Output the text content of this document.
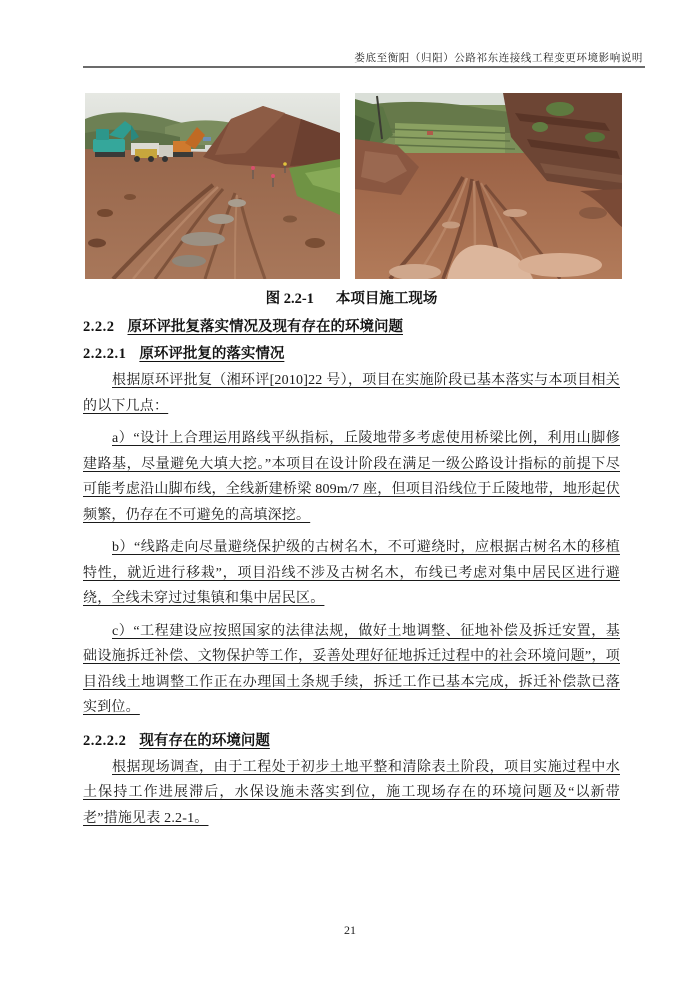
娄底至衡阳（归阳）公路祁东连接线工程变更环境影响说明
图 2.2-1 本项目施工现场
2.2.2 原环评批复落实情况及现有存在的环境问题
2.2.2.1 原环评批复的落实情况

根据原环评批复（湘环评[2010]22 号），项目在实施阶段已基本落实与本项目相关的以下几点：

a）“设计上合理运用路线平纵指标，丘陵地带多考虑使用桥梁比例，利用山脚修建路基，尽量避免大填大挖。”本项目在设计阶段在满足一级公路设计指标的前提下尽可能考虑沿山脚布线，全线新建桥梁 809m/7 座，但项目沿线位于丘陵地带，地形起伏频繁，仍存在不可避免的高填深挖。

b）“线路走向尽量避绕保护级的古树名木，不可避绕时，应根据古树名木的移植特性，就近进行移栽”，项目沿线不涉及古树名木，布线已考虑对集中居民区进行避绕，全线未穿过过集镇和集中居民区。

c）“工程建设应按照国家的法律法规，做好土地调整、征地补偿及拆迁安置，基础设施拆迁补偿、文物保护等工作，妥善处理好征地拆迁过程中的社会环境问题”，项目沿线土地调整工作正在办理国土条规手续，拆迁工作已基本完成，拆迁补偿款已落实到位。

2.2.2.2 现有存在的环境问题

根据现场调查，由于工程处于初步土地平整和清除表土阶段，项目实施过程中水土保持工作进展滞后，水保设施未落实到位，施工现场存在的环境问题及“以新带老”措施见表 2.2-1。

21
